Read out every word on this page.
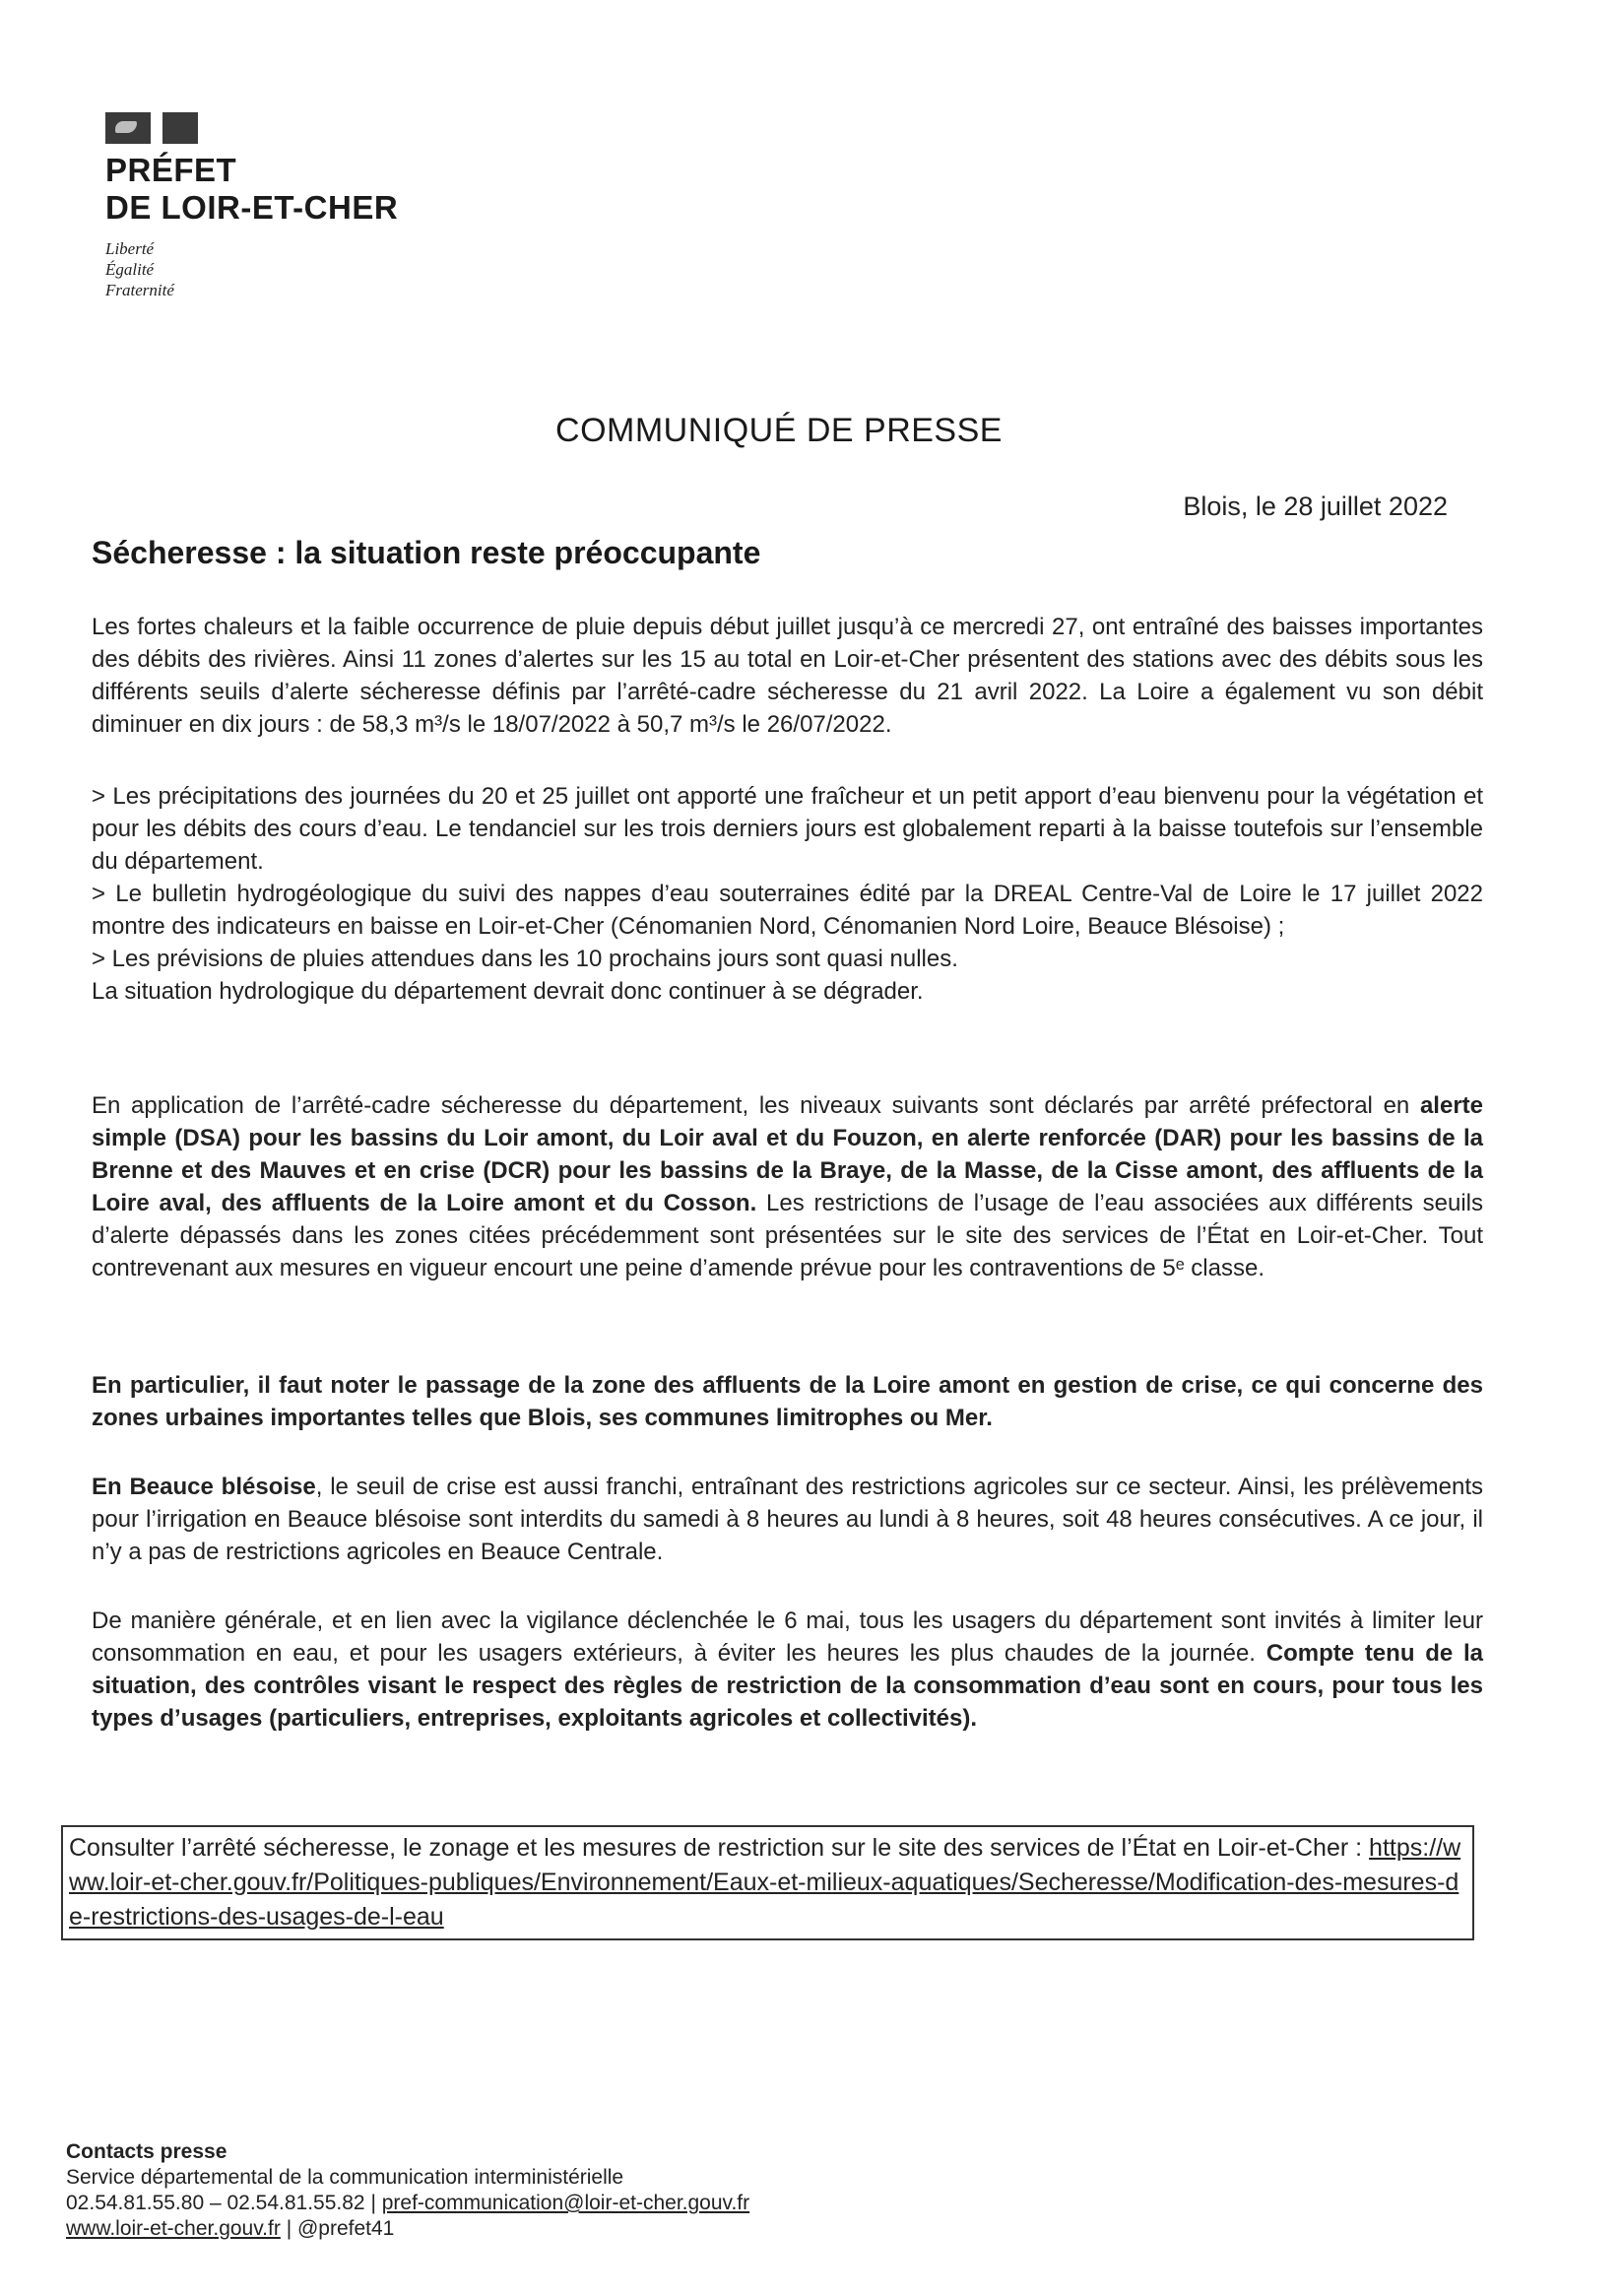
PRÉFET
DE LOIR-ET-CHER
Liberté
Égalité
Fraternité
COMMUNIQUÉ DE PRESSE
Blois, le 28 juillet 2022
Sécheresse : la situation reste préoccupante

Les fortes chaleurs et la faible occurrence de pluie depuis début juillet jusqu’à ce mercredi 27, ont entraîné des baisses importantes des débits des rivières. Ainsi 11 zones d’alertes sur les 15 au total en Loir-et-Cher présentent des stations avec des débits sous les différents seuils d’alerte sécheresse définis par l’arrêté-cadre sécheresse du 21 avril 2022. La Loire a également vu son débit diminuer en dix jours : de 58,3 m³/s le 18/07/2022 à 50,7 m³/s le 26/07/2022.

> Les précipitations des journées du 20 et 25 juillet ont apporté une fraîcheur et un petit apport d’eau bienvenu pour la végétation et pour les débits des cours d’eau. Le tendanciel sur les trois derniers jours est globalement reparti à la baisse toutefois sur l’ensemble du département.

> Le bulletin hydrogéologique du suivi des nappes d’eau souterraines édité par la DREAL Centre-Val de Loire le 17 juillet 2022 montre des indicateurs en baisse en Loir-et-Cher (Cénomanien Nord, Cénomanien Nord Loire, Beauce Blésoise) ;

> Les prévisions de pluies attendues dans les 10 prochains jours sont quasi nulles.

La situation hydrologique du département devrait donc continuer à se dégrader.

En application de l’arrêté-cadre sécheresse du département, les niveaux suivants sont déclarés par arrêté préfectoral en alerte simple (DSA) pour les bassins du Loir amont, du Loir aval et du Fouzon, en alerte renforcée (DAR) pour les bassins de la Brenne et des Mauves et en crise (DCR) pour les bassins de la Braye, de la Masse, de la Cisse amont, des affluents de la Loire aval, des affluents de la Loire amont et du Cosson. Les restrictions de l’usage de l’eau associées aux différents seuils d’alerte dépassés dans les zones citées précédemment sont présentées sur le site des services de l’État en Loir-et-Cher. Tout contrevenant aux mesures en vigueur encourt une peine d’amende prévue pour les contraventions de 5ᵉ classe.

En particulier, il faut noter le passage de la zone des affluents de la Loire amont en gestion de crise, ce qui concerne des zones urbaines importantes telles que Blois, ses communes limitrophes ou Mer.

En Beauce blésoise, le seuil de crise est aussi franchi, entraînant des restrictions agricoles sur ce secteur. Ainsi, les prélèvements pour l’irrigation en Beauce blésoise sont interdits du samedi à 8 heures au lundi à 8 heures, soit 48 heures consécutives. A ce jour, il n’y a pas de restrictions agricoles en Beauce Centrale.

De manière générale, et en lien avec la vigilance déclenchée le 6 mai, tous les usagers du département sont invités à limiter leur consommation en eau, et pour les usagers extérieurs, à éviter les heures les plus chaudes de la journée. Compte tenu de la situation, des contrôles visant le respect des règles de restriction de la consommation d’eau sont en cours, pour tous les types d’usages (particuliers, entreprises, exploitants agricoles et collectivités).

Consulter l’arrêté sécheresse, le zonage et les mesures de restriction sur le site des services de l’État en Loir-et-Cher : https://www.loir-et-cher.gouv.fr/Politiques-publiques/Environnement/Eaux-et-milieux-aquatiques/Secheresse/Modification-des-mesures-de-restrictions-des-usages-de-l-eau
Contacts presse
Service départemental de la communication interministérielle
02.54.81.55.80 – 02.54.81.55.82 | pref-communication@loir-et-cher.gouv.fr
www.loir-et-cher.gouv.fr | @prefet41
